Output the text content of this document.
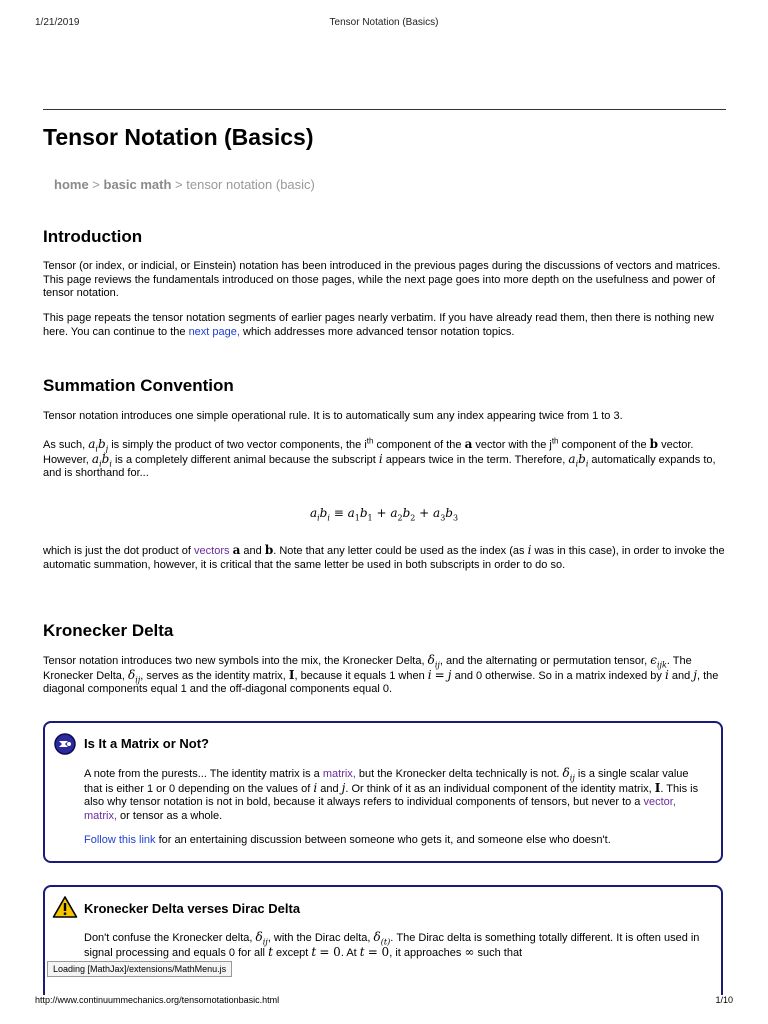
1/21/2019	Tensor Notation (Basics)
Tensor Notation (Basics)
home > basic math > tensor notation (basic)
Introduction

Tensor (or index, or indicial, or Einstein) notation has been introduced in the previous pages during the discussions of vectors and matrices. This page reviews the fundamentals introduced on those pages, while the next page goes into more depth on the usefulness and power of tensor notation.

This page repeats the tensor notation segments of earlier pages nearly verbatim. If you have already read them, then there is nothing new here. You can continue to the next page, which addresses more advanced tensor notation topics.

Summation Convention

Tensor notation introduces one simple operational rule. It is to automatically sum any index appearing twice from 1 to 3.

As such, $a_ib_j$ is simply the product of two vector components, the $i^{th}$ component of the a vector with the $j^{th}$ component of the b vector. However, $a_ib_i$ is a completely different animal because the subscript i appears twice in the term. Therefore, $a_ib_i$ automatically expands to, and is shorthand for...

$a_ib_i \equiv a_1b_1 + a_2b_2 + a_3b_3$

which is just the dot product of vectors a and b. Note that any letter could be used as the index (as i was in this case), in order to invoke the automatic summation, however, it is critical that the same letter be used in both subscripts in order to do so.

Kronecker Delta

Tensor notation introduces two new symbols into the mix, the Kronecker Delta, $\delta_{ij}$, and the alternating or permutation tensor, $\epsilon_{ijk}$. The Kronecker Delta, $\delta_{ij}$, serves as the identity matrix, I, because it equals 1 when i = j and 0 otherwise. So in a matrix indexed by i and j, the diagonal components equal 1 and the off-diagonal components equal 0.

Is It a Matrix or Not?

A note from the purests... The identity matrix is a matrix, but the Kronecker delta technically is not. $\delta_{ij}$ is a single scalar value that is either 1 or 0 depending on the values of i and j. Or think of it as an individual component of the identity matrix, I. This is also why tensor notation is not in bold, because it always refers to individual components of tensors, but never to a vector, matrix, or tensor as a whole.

Follow this link for an entertaining discussion between someone who gets it, and someone else who doesn't.

Kronecker Delta verses Dirac Delta

Don't confuse the Kronecker delta, $\delta_{ij}$, with the Dirac delta, $\delta_{(t)}$. The Dirac delta is something totally different. It is often used in signal processing and equals 0 for all t except t = 0. At t = 0, it approaches ∞ such that

Loading [MathJax]/extensions/MathMenu.js
http://www.continuummechanics.org/tensornotationbasic.html	1/10
